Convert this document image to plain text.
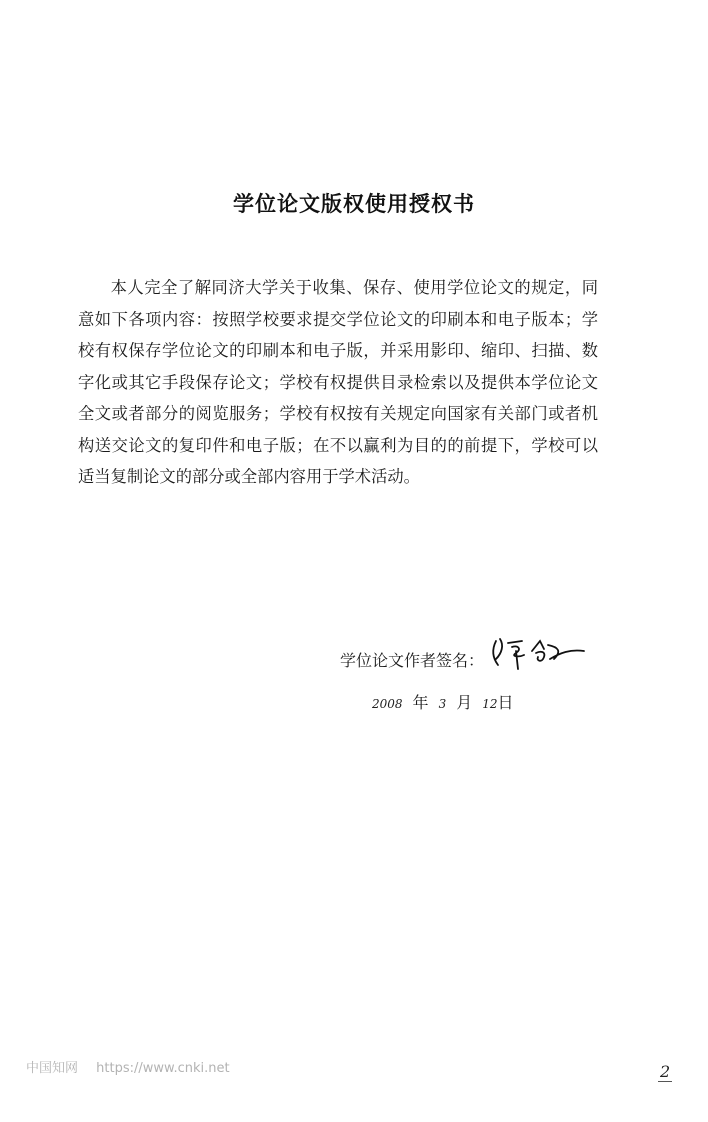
学位论文版权使用授权书
本人完全了解同济大学关于收集、保存、使用学位论文的规定，同意如下各项内容：按照学校要求提交学位论文的印刷本和电子版本；学校有权保存学位论文的印刷本和电子版，并采用影印、缩印、扫描、数字化或其它手段保存论文；学校有权提供目录检索以及提供本学位论文全文或者部分的阅览服务；学校有权按有关规定向国家有关部门或者机构送交论文的复印件和电子版；在不以赢利为目的的前提下，学校可以适当复制论文的部分或全部内容用于学术活动。
学位论文作者签名：
2008 年 3 月 12 日
中国知网 https://www.cnki.net	2
